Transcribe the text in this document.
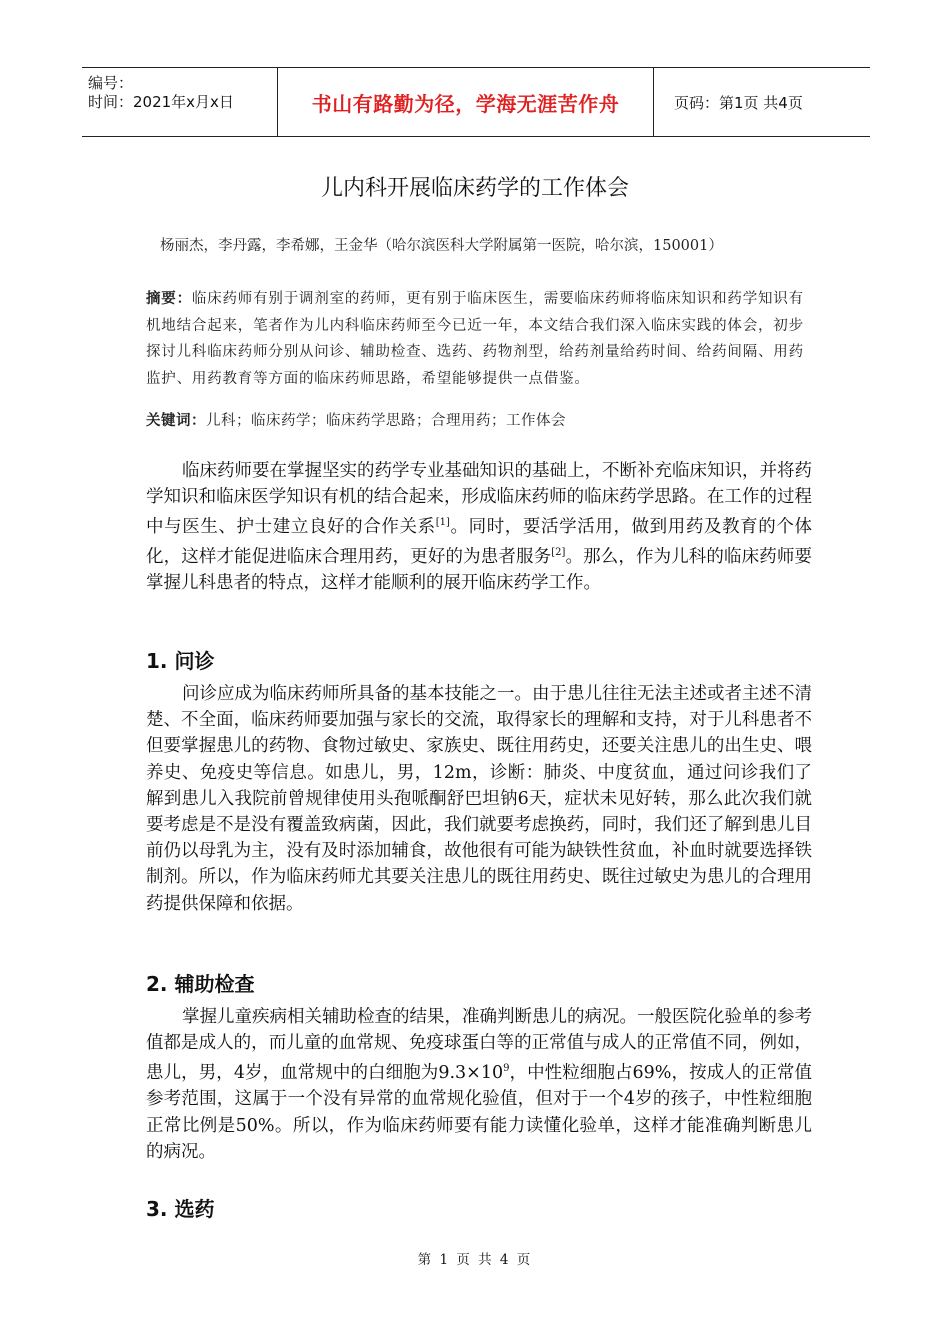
编号：
时间：2021年x月x日	书山有路勤为径，学海无涯苦作舟	页码：第1页 共4页
儿内科开展临床药学的工作体会
杨丽杰，李丹露，李希娜，王金华（哈尔滨医科大学附属第一医院，哈尔滨，150001）
摘要：临床药师有别于调剂室的药师，更有别于临床医生，需要临床药师将临床知识和药学知识有机地结合起来，笔者作为儿内科临床药师至今已近一年，本文结合我们深入临床实践的体会，初步探讨儿科临床药师分别从问诊、辅助检查、选药、药物剂型，给药剂量给药时间、给药间隔、用药监护、用药教育等方面的临床药师思路，希望能够提供一点借鉴。
关键词：儿科；临床药学；临床药学思路；合理用药；工作体会
临床药师要在掌握坚实的药学专业基础知识的基础上，不断补充临床知识，并将药学知识和临床医学知识有机的结合起来，形成临床药师的临床药学思路。在工作的过程中与医生、护士建立良好的合作关系[1]。同时，要活学活用，做到用药及教育的个体化，这样才能促进临床合理用药，更好的为患者服务[2]。那么，作为儿科的临床药师要掌握儿科患者的特点，这样才能顺利的展开临床药学工作。
1. 问诊
问诊应成为临床药师所具备的基本技能之一。由于患儿往往无法主述或者主述不清楚、不全面，临床药师要加强与家长的交流，取得家长的理解和支持，对于儿科患者不但要掌握患儿的药物、食物过敏史、家族史、既往用药史，还要关注患儿的出生史、喂养史、免疫史等信息。如患儿，男，12m，诊断：肺炎、中度贫血，通过问诊我们了解到患儿入我院前曾规律使用头孢哌酮舒巴坦钠6天，症状未见好转，那么此次我们就要考虑是不是没有覆盖致病菌，因此，我们就要考虑换药，同时，我们还了解到患儿目前仍以母乳为主，没有及时添加辅食，故他很有可能为缺铁性贫血，补血时就要选择铁制剂。所以，作为临床药师尤其要关注患儿的既往用药史、既往过敏史为患儿的合理用药提供保障和依据。
2. 辅助检查
掌握儿童疾病相关辅助检查的结果，准确判断患儿的病况。一般医院化验单的参考值都是成人的，而儿童的血常规、免疫球蛋白等的正常值与成人的正常值不同，例如，患儿，男，4岁，血常规中的白细胞为$9.3\times 10^9$，中性粒细胞占69%，按成人的正常值参考范围，这属于一个没有异常的血常规化验值，但对于一个4岁的孩子，中性粒细胞正常比例是50%。所以，作为临床药师要有能力读懂化验单，这样才能准确判断患儿的病况。
3. 选药
第 1 页 共 4 页
